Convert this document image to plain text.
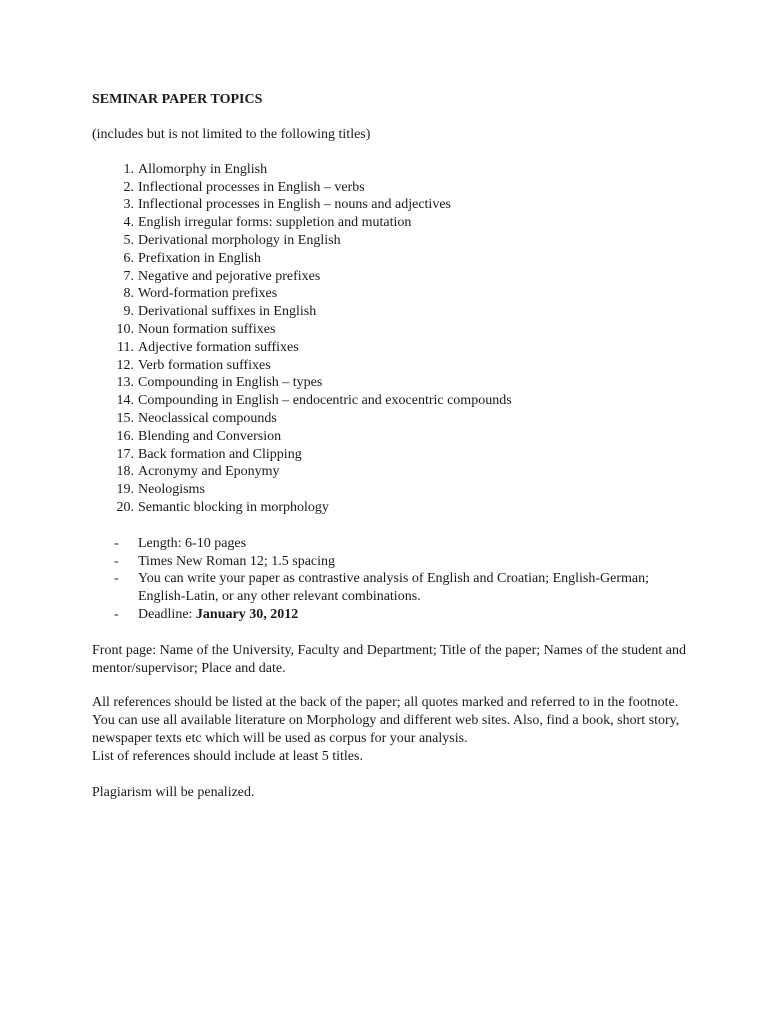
SEMINAR PAPER TOPICS

(includes but is not limited to the following titles)

1. Allomorphy in English
2. Inflectional processes in English – verbs
3. Inflectional processes in English – nouns and adjectives
4. English irregular forms: suppletion and mutation
5. Derivational morphology in English
6. Prefixation in English
7. Negative and pejorative prefixes
8. Word-formation prefixes
9. Derivational suffixes in English
10. Noun formation suffixes
11. Adjective formation suffixes
12. Verb formation suffixes
13. Compounding in English – types
14. Compounding in English – endocentric and exocentric compounds
15. Neoclassical compounds
16. Blending and Conversion
17. Back formation and Clipping
18. Acronymy and Eponymy
19. Neologisms
20. Semantic blocking in morphology
- Length: 6-10 pages
- Times New Roman 12; 1.5 spacing
- You can write your paper as contrastive analysis of English and Croatian; English-German; English-Latin, or any other relevant combinations.
- Deadline: January 30, 2012

Front page: Name of the University, Faculty and Department; Title of the paper; Names of the student and mentor/supervisor; Place and date.

All references should be listed at the back of the paper; all quotes marked and referred to in the footnote.

You can use all available literature on Morphology and different web sites. Also, find a book, short story, newspaper texts etc which will be used as corpus for your analysis.

List of references should include at least 5 titles.

Plagiarism will be penalized.
